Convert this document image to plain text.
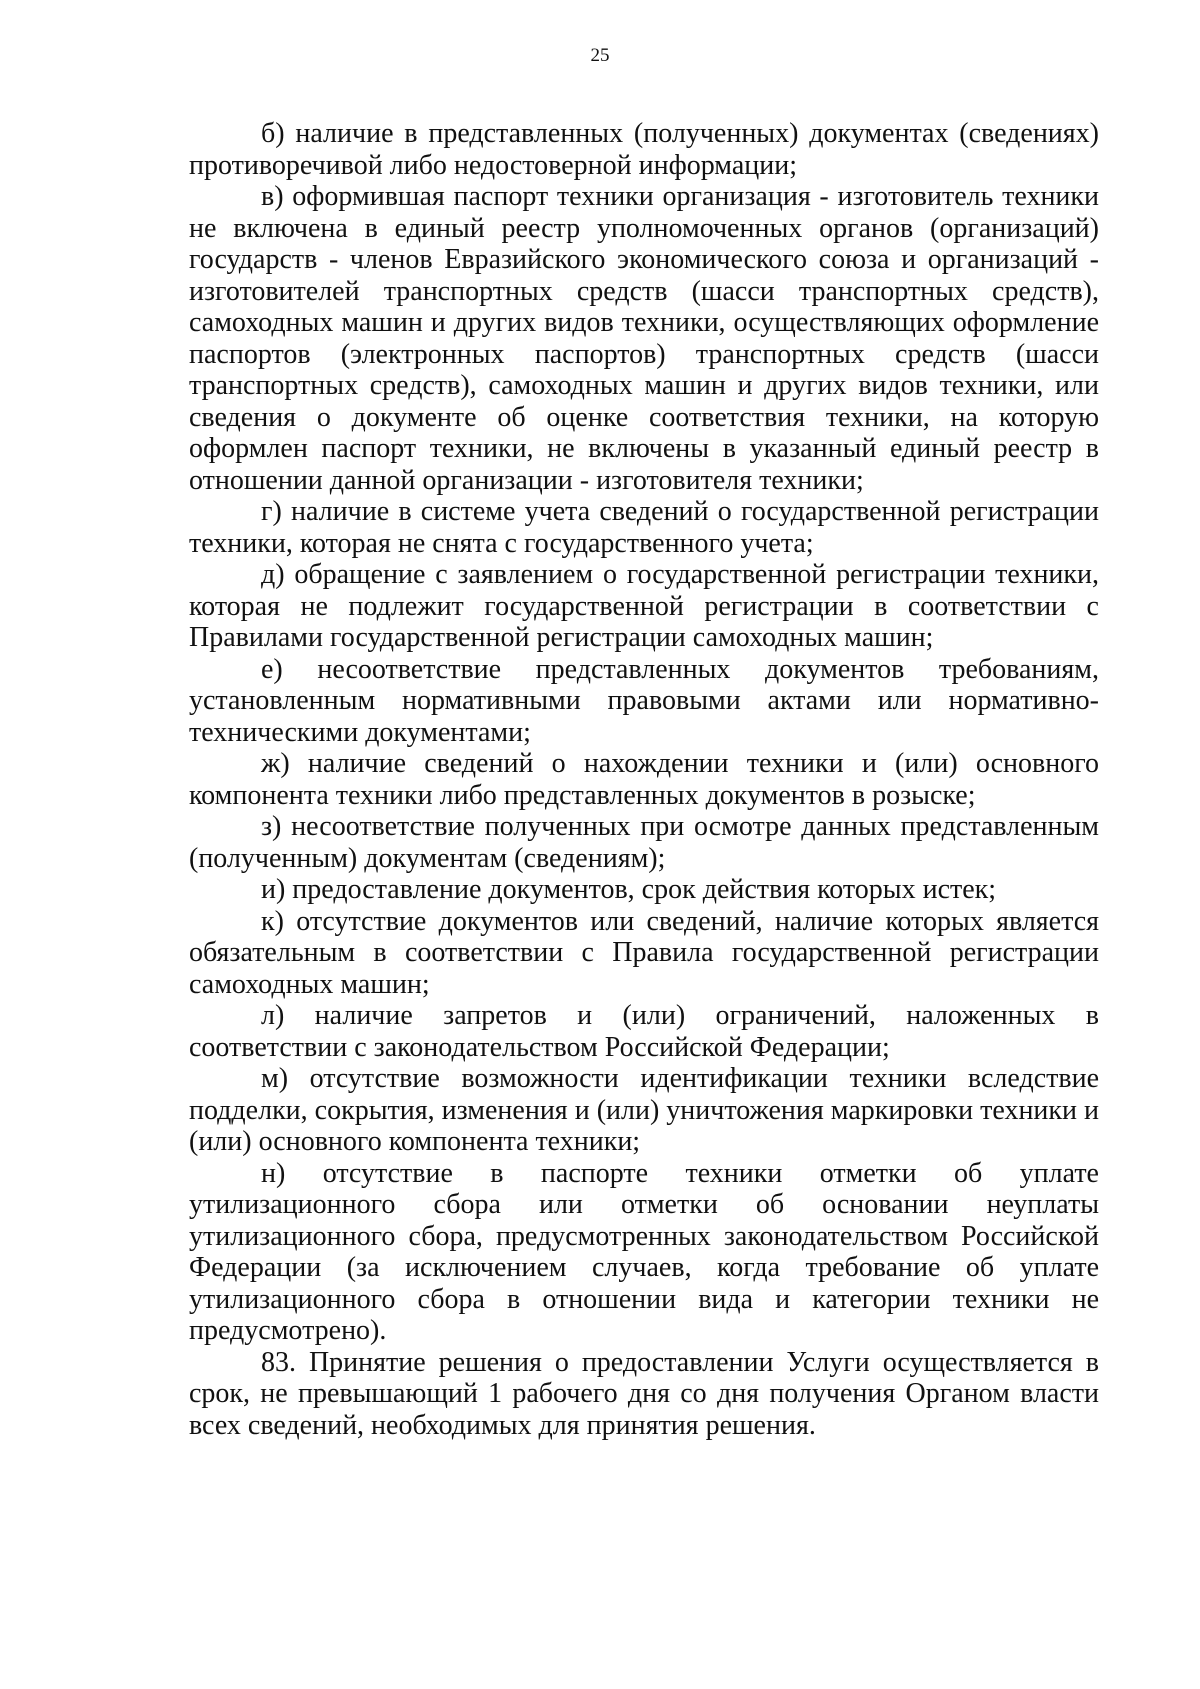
25

б) наличие в представленных (полученных) документах (сведениях) противоречивой либо недостоверной информации;

в) оформившая паспорт техники организация - изготовитель техники не включена в единый реестр уполномоченных органов (организаций) государств - членов Евразийского экономического союза и организаций - изготовителей транспортных средств (шасси транспортных средств), самоходных машин и других видов техники, осуществляющих оформление паспортов (электронных паспортов) транспортных средств (шасси транспортных средств), самоходных машин и других видов техники, или сведения о документе об оценке соответствия техники, на которую оформлен паспорт техники, не включены в указанный единый реестр в отношении данной организации - изготовителя техники;

г) наличие в системе учета сведений о государственной регистрации техники, которая не снята с государственного учета;

д) обращение с заявлением о государственной регистрации техники, которая не подлежит государственной регистрации в соответствии с Правилами государственной регистрации самоходных машин;

е) несоответствие представленных документов требованиям, установленным нормативными правовыми актами или нормативно-техническими документами;

ж) наличие сведений о нахождении техники и (или) основного компонента техники либо представленных документов в розыске;

з) несоответствие полученных при осмотре данных представленным (полученным) документам (сведениям);

и) предоставление документов, срок действия которых истек;

к) отсутствие документов или сведений, наличие которых является обязательным в соответствии с Правила государственной регистрации самоходных машин;

л) наличие запретов и (или) ограничений, наложенных в соответствии с законодательством Российской Федерации;

м) отсутствие возможности идентификации техники вследствие подделки, сокрытия, изменения и (или) уничтожения маркировки техники и (или) основного компонента техники;

н) отсутствие в паспорте техники отметки об уплате утилизационного сбора или отметки об основании неуплаты утилизационного сбора, предусмотренных законодательством Российской Федерации (за исключением случаев, когда требование об уплате утилизационного сбора в отношении вида и категории техники не предусмотрено).

83. Принятие решения о предоставлении Услуги осуществляется в срок, не превышающий 1 рабочего дня со дня получения Органом власти всех сведений, необходимых для принятия решения.
